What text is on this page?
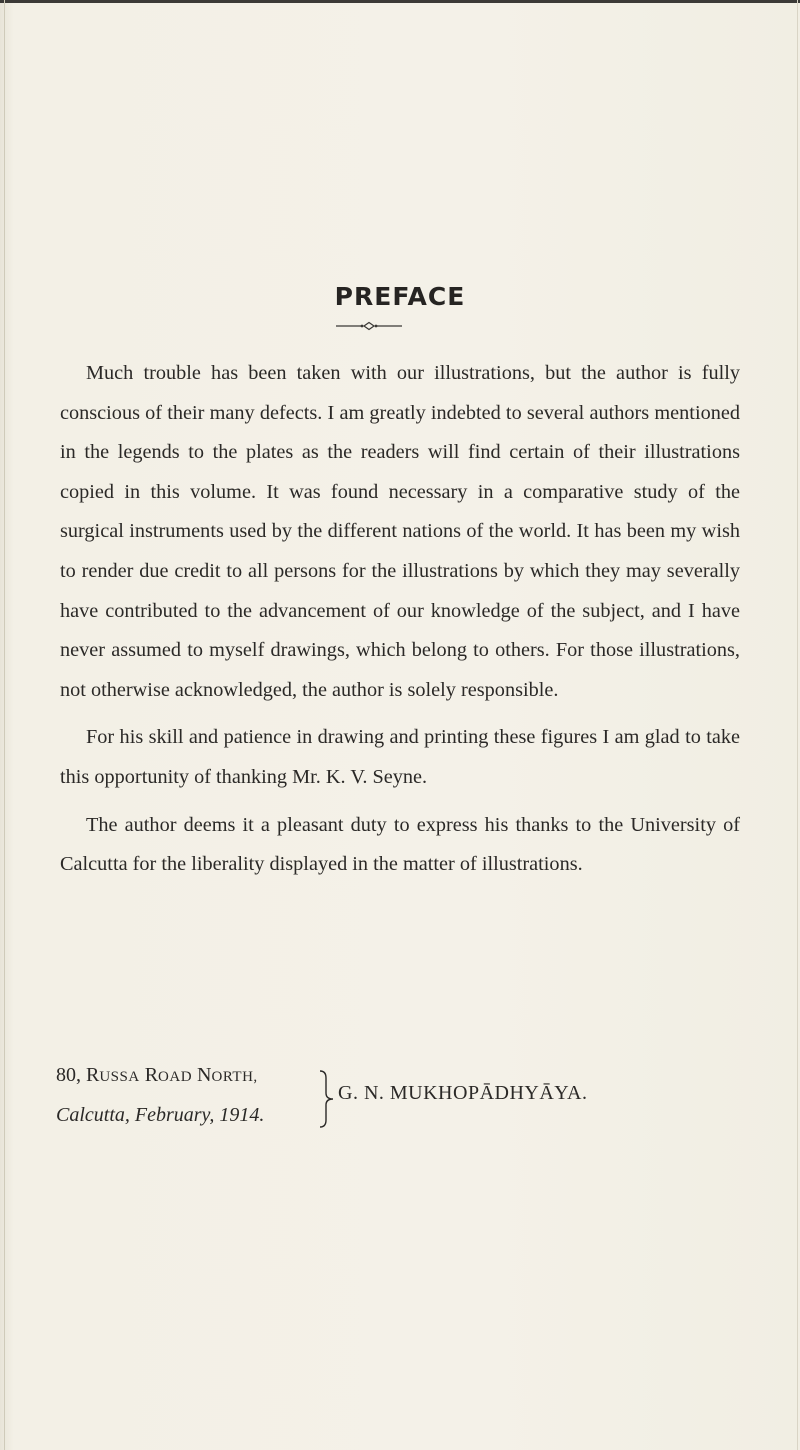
PREFACE

Much trouble has been taken with our illustrations, but the author is fully conscious of their many defects. I am greatly indebted to several authors mentioned in the legends to the plates as the readers will find certain of their illustrations copied in this volume. It was found necessary in a comparative study of the surgical instruments used by the different nations of the world. It has been my wish to render due credit to all persons for the illustrations by which they may severally have contributed to the advancement of our knowledge of the subject, and I have never assumed to myself drawings, which belong to others. For those illustrations, not otherwise acknowledged, the author is solely responsible.

For his skill and patience in drawing and printing these figures I am glad to take this opportunity of thanking Mr. K. V. Seyne.

The author deems it a pleasant duty to express his thanks to the University of Calcutta for the liberality displayed in the matter of illustrations.

80, RUSSA ROAD NORTH,
Calcutta, February, 1914.
G. N. MUKHOPĀDHYĀYA.
